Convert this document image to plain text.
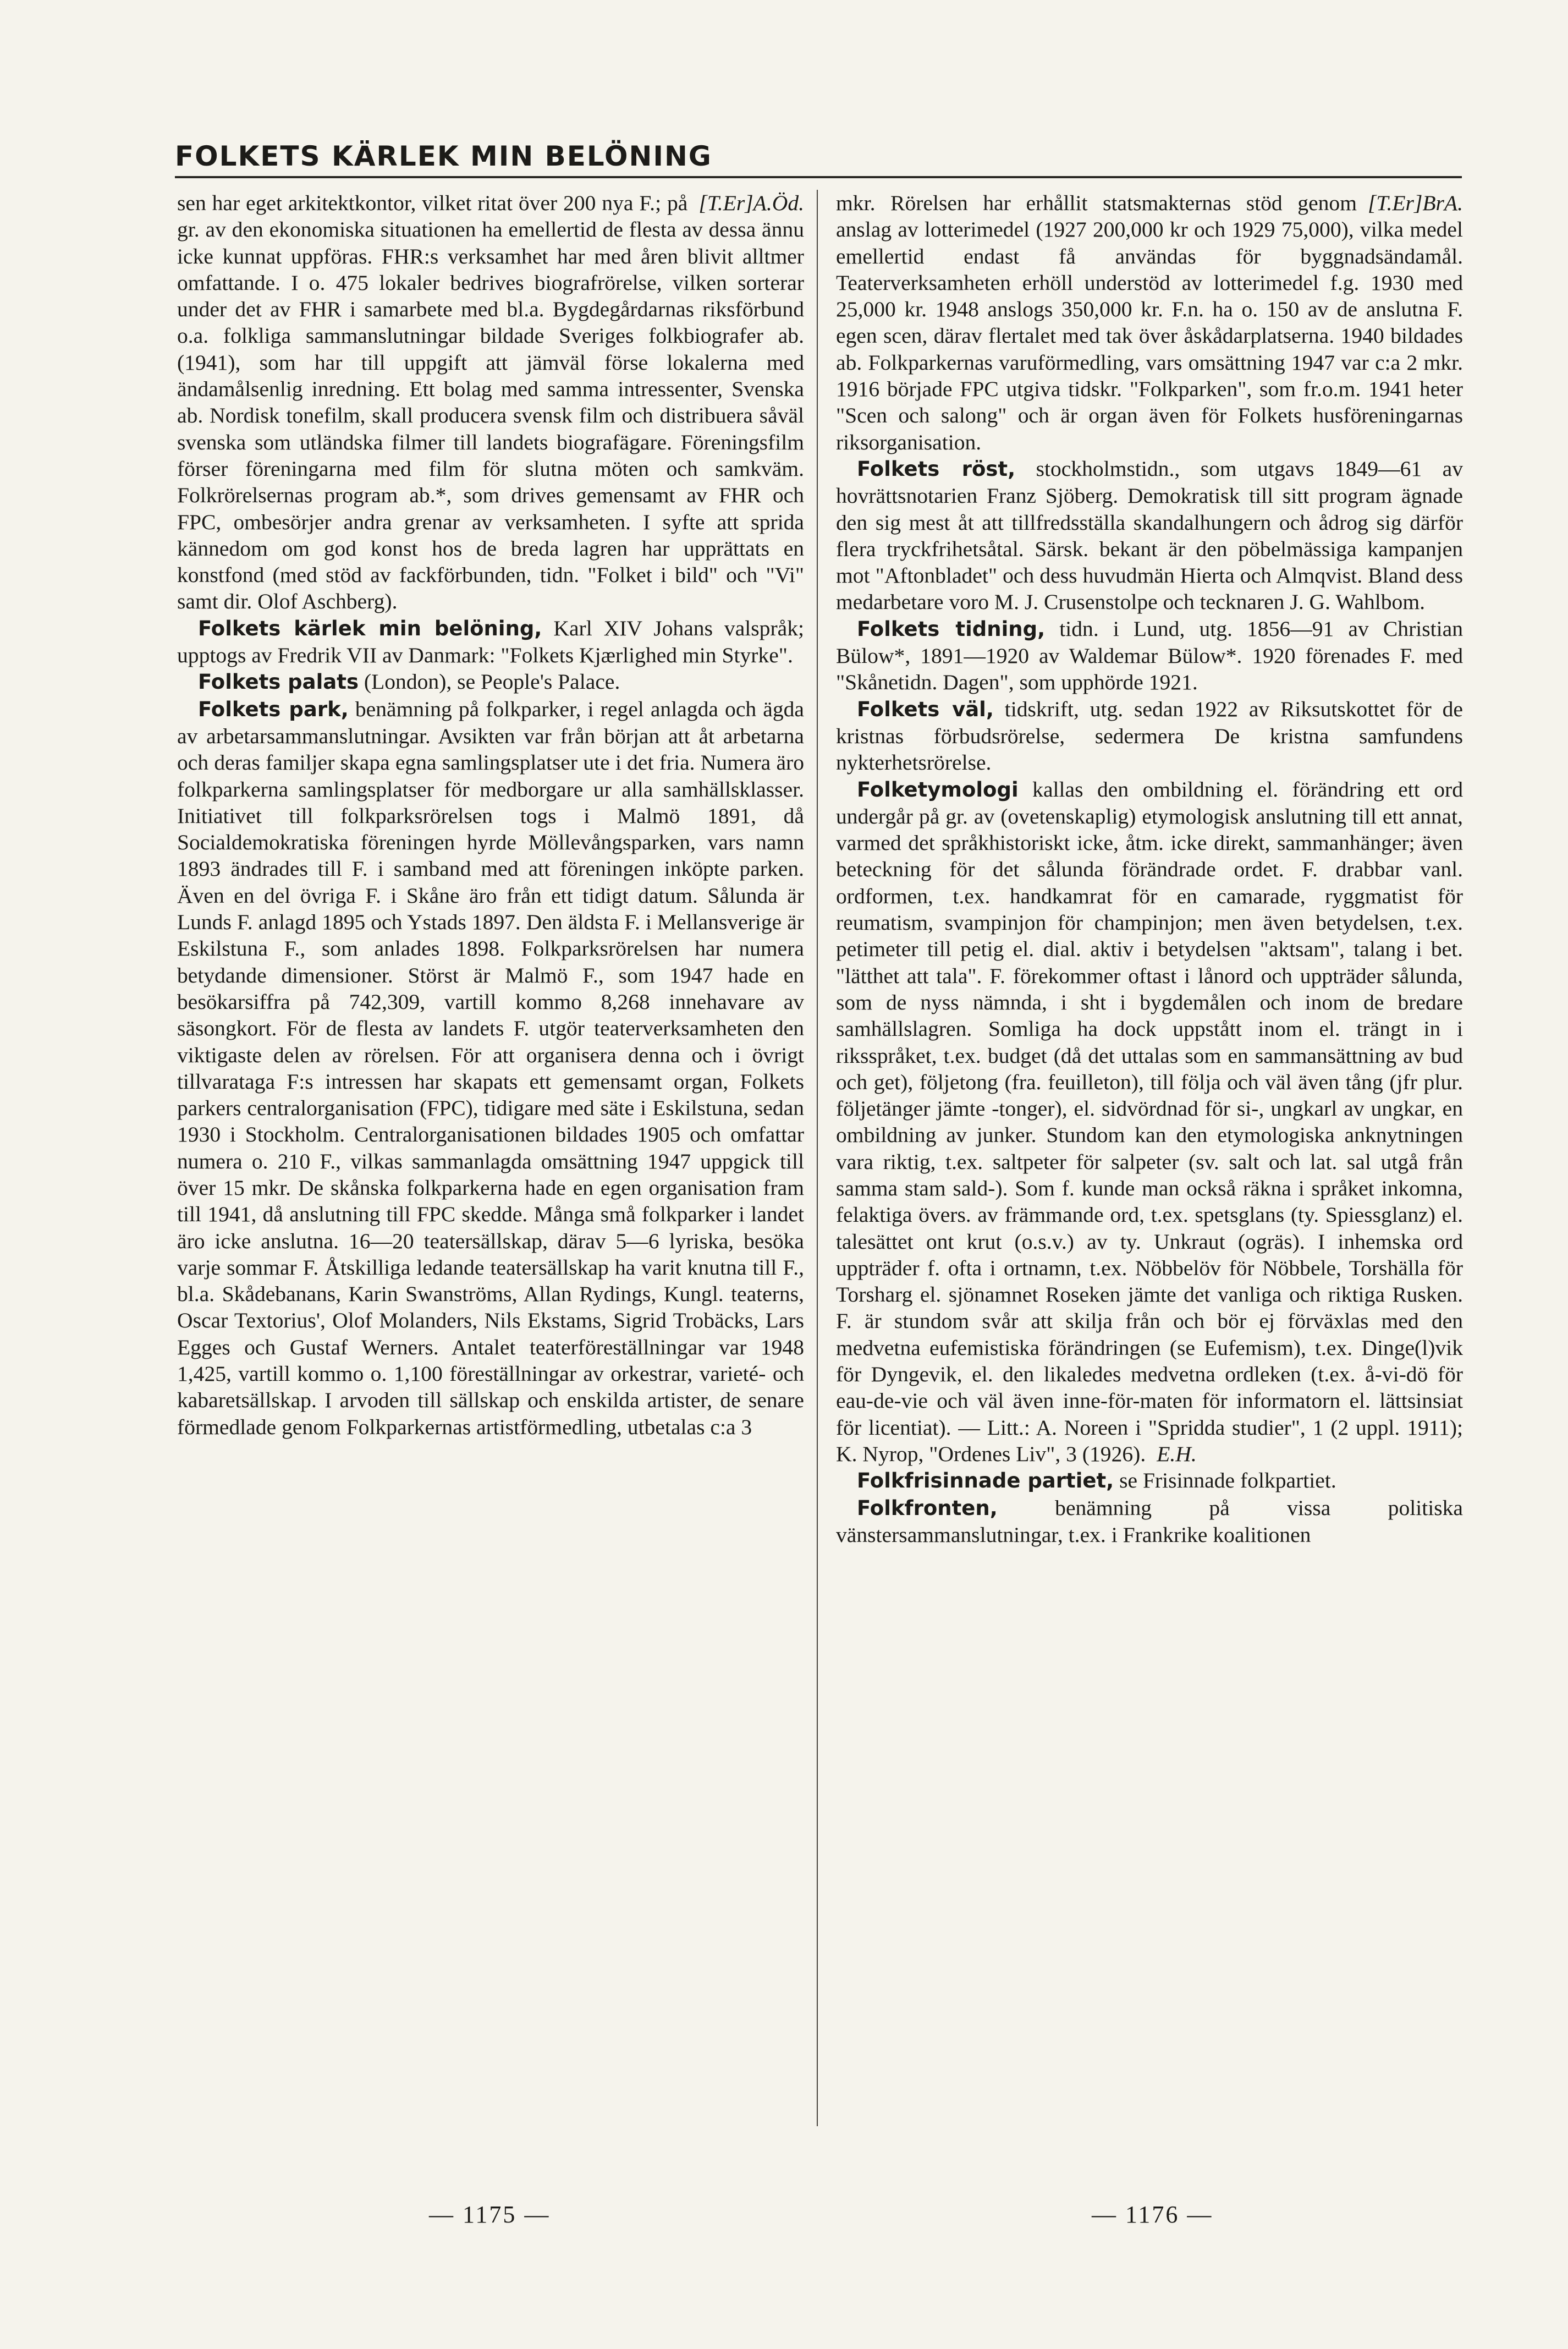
FOLKETS KÄRLEK MIN BELÖNING

[T.Er]A.Öd.
sen har eget arkitektkontor, vilket ritat över 200 nya F.; på gr. av den ekonomiska situationen ha emellertid de flesta av dessa ännu icke kunnat uppföras. FHR:s verksamhet har med åren blivit alltmer omfattande. I o. 475 lokaler bedrives biografrörelse, vilken sorterar under det av FHR i samarbete med bl.a. Bygdegårdarnas riksförbund o.a. folkliga sammanslutningar bildade Sveriges folkbiografer ab. (1941), som har till uppgift att jämväl förse lokalerna med ändamålsenlig inredning. Ett bolag med samma intressenter, Svenska ab. Nordisk tonefilm, skall producera svensk film och distribuera såväl svenska som utländska filmer till landets biografägare. Föreningsfilm förser föreningarna med film för slutna möten och samkväm. Folkrörelsernas program ab.*, som drives gemensamt av FHR och FPC, ombesörjer andra grenar av verksamheten. I syfte att sprida kännedom om god konst hos de breda lagren har upprättats en konstfond (med stöd av fackförbunden, tidn. "Folket i bild" och "Vi" samt dir. Olof Aschberg).

Folkets kärlek min belöning, Karl XIV Johans valspråk; upptogs av Fredrik VII av Danmark: "Folkets Kjærlighed min Styrke".

Folkets palats (London), se People's Palace.

Folkets park, benämning på folkparker, i regel anlagda och ägda av arbetarsammanslutningar. Avsikten var från början att åt arbetarna och deras familjer skapa egna samlingsplatser ute i det fria. Numera äro folkparkerna samlingsplatser för medborgare ur alla samhällsklasser. Initiativet till folkparksrörelsen togs i Malmö 1891, då Socialdemokratiska föreningen hyrde Möllevångsparken, vars namn 1893 ändrades till F. i samband med att föreningen inköpte parken. Även en del övriga F. i Skåne äro från ett tidigt datum. Sålunda är Lunds F. anlagd 1895 och Ystads 1897. Den äldsta F. i Mellansverige är Eskilstuna F., som anlades 1898. Folkparksrörelsen har numera betydande dimensioner. Störst är Malmö F., som 1947 hade en besökarsiffra på 742,309, vartill kommo 8,268 innehavare av säsongkort. För de flesta av landets F. utgör teaterverksamheten den viktigaste delen av rörelsen. För att organisera denna och i övrigt tillvaratagа F:s intressen har skapats ett gemensamt organ, Folkets parkers centralorganisation (FPC), tidigare med säte i Eskilstuna, sedan 1930 i Stockholm. Centralorganisationen bildades 1905 och omfattar numera o. 210 F., vilkas sammanlagda omsättning 1947 uppgick till över 15 mkr. De skånska folkparkerna hade en egen organisation fram till 1941, då anslutning till FPC skedde. Många små folkparker i landet äro icke anslutna. 16—20 teatersällskap, därav 5—6 lyriska, besöka varje sommar F. Åtskilliga ledande teatersällskap ha varit knutna till F., bl.a. Skådebanans, Karin Swanströms, Allan Rydings, Kungl. teaterns, Oscar Textorius', Olof Molanders, Nils Ekstams, Sigrid Trobäcks, Lars Egges och Gustaf Werners. Antalet teaterföreställningar var 1948 1,425, vartill kommo o. 1,100 föreställningar av orkestrar, varieté- och kabaretsällskap. I arvoden till sällskap och enskilda artister, de senare förmedlade genom Folkparkernas artistförmedling, utbetalas c:a 3

[T.Er]BrA.
mkr. Rörelsen har erhållit statsmakternas stöd genom anslag av lotterimedel (1927 200,000 kr och 1929 75,000), vilka medel emellertid endast få användas för byggnadsändamål. Teaterverksamheten erhöll understöd av lotterimedel f.g. 1930 med 25,000 kr. 1948 anslogs 350,000 kr. F.n. ha o. 150 av de anslutna F. egen scen, därav flertalet med tak över åskådarplatserna. 1940 bildades ab. Folkparkernas varuförmedling, vars omsättning 1947 var c:a 2 mkr. 1916 började FPC utgiva tidskr. "Folkparken", som fr.o.m. 1941 heter "Scen och salong" och är organ även för Folkets husföreningarnas riksorganisation.

Folkets röst, stockholmstidn., som utgavs 1849—61 av hovrättsnotarien Franz Sjöberg. Demokratisk till sitt program ägnade den sig mest åt att tillfredsställa skandalhungern och ådrog sig därför flera tryckfrihetsåtal. Särsk. bekant är den pöbelmässiga kampanjen mot "Aftonbladet" och dess huvudmän Hierta och Almqvist. Bland dess medarbetare voro M. J. Crusenstolpe och tecknaren J. G. Wahlbom.

Folkets tidning, tidn. i Lund, utg. 1856—91 av Christian Bülow*, 1891—1920 av Waldemar Bülow*. 1920 förenades F. med "Skånetidn. Dagen", som upphörde 1921.

Folkets väl, tidskrift, utg. sedan 1922 av Riksutskottet för de kristnas förbudsrörelse, sedermera De kristna samfundens nykterhetsrörelse.

Folketymologi kallas den ombildning el. förändring ett ord undergår på gr. av (ovetenskaplig) etymologisk anslutning till ett annat, varmed det språkhistoriskt icke, åtm. icke direkt, sammanhänger; även beteckning för det sålunda förändrade ordet. F. drabbar vanl. ordformen, t.ex. handkamrat för en camarade, ryggmatist för reumatism, svampinjon för champinjon; men även betydelsen, t.ex. petimeter till petig el. dial. aktiv i betydelsen "aktsam", talang i bet. "lätthet att tala". F. förekommer oftast i lånord och uppträder sålunda, som de nyss nämnda, i sht i bygdemålen och inom de bredare samhällslagren. Somliga ha dock uppstått inom el. trängt in i riksspråket, t.ex. budget (då det uttalas som en sammansättning av bud och get), följetong (fra. feuilleton), till följa och väl även tång (jfr plur. följetänger jämte -tonger), el. sidvördnad för si-, ungkarl av ungkar, en ombildning av junker. Stundom kan den etymologiska anknytningen vara riktig, t.ex. saltpeter för salpeter (sv. salt och lat. sal utgå från samma stam sald-). Som f. kunde man också räkna i språket inkomna, felaktiga övers. av främmande ord, t.ex. spetsglans (ty. Spiessglanz) el. talesättet ont krut (o.s.v.) av ty. Unkraut (ogräs). I inhemska ord uppträder f. ofta i ortnamn, t.ex. Nöbbelöv för Nöbbele, Torshälla för Torsharg el. sjönamnet Roseken jämte det vanliga och riktiga Rusken. F. är stundom svår att skilja från och bör ej förväxlas med den medvetna eufemistiska förändringen (se Eufemism), t.ex. Dinge(l)vik för Dyngevik, el. den likaledes medvetna ordleken (t.ex. å-vi-dö för eau-de-vie och väl även inne-för-maten för informatorn el. lättsinsiat för licentiat). — Litt.: A. Noreen i "Spridda studier", 1 (2 uppl. 1911); K. Nyrop, "Ordenes Liv", 3 (1926). E.H.

Folkfrisinnade partiet, se Frisinnade folkpartiet.

Folkfronten, benämning på vissa politiska vänstersammanslutningar, t.ex. i Frankrike koalitionen

— 1175 —	— 1176 —
